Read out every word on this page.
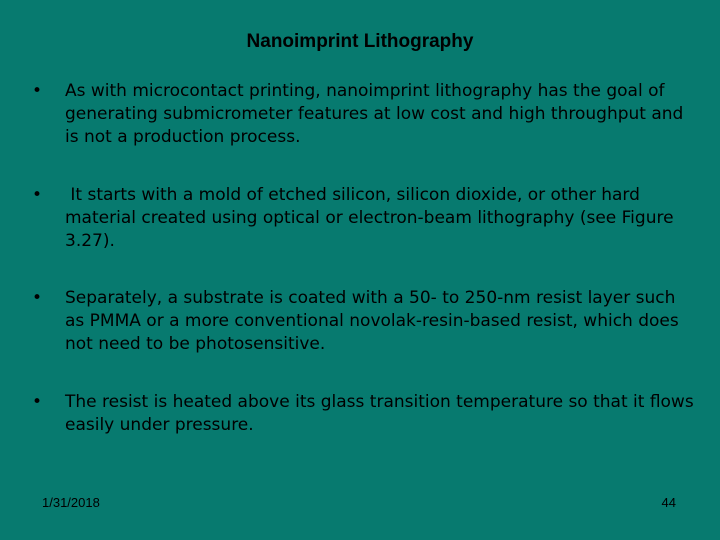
Nanoimprint Lithography
•	As with microcontact printing, nanoimprint lithography has the goal of generating submicrometer features at low cost and high throughput and is not a production process.
•	It starts with a mold of etched silicon, silicon dioxide, or other hard material created using optical or electron-beam lithography (see Figure 3.27).
•	Separately, a substrate is coated with a 50- to 250-nm resist layer such as PMMA or a more conventional novolak-resin-based resist, which does not need to be photosensitive.
•	The resist is heated above its glass transition temperature so that it flows easily under pressure.
1/31/2018	44
